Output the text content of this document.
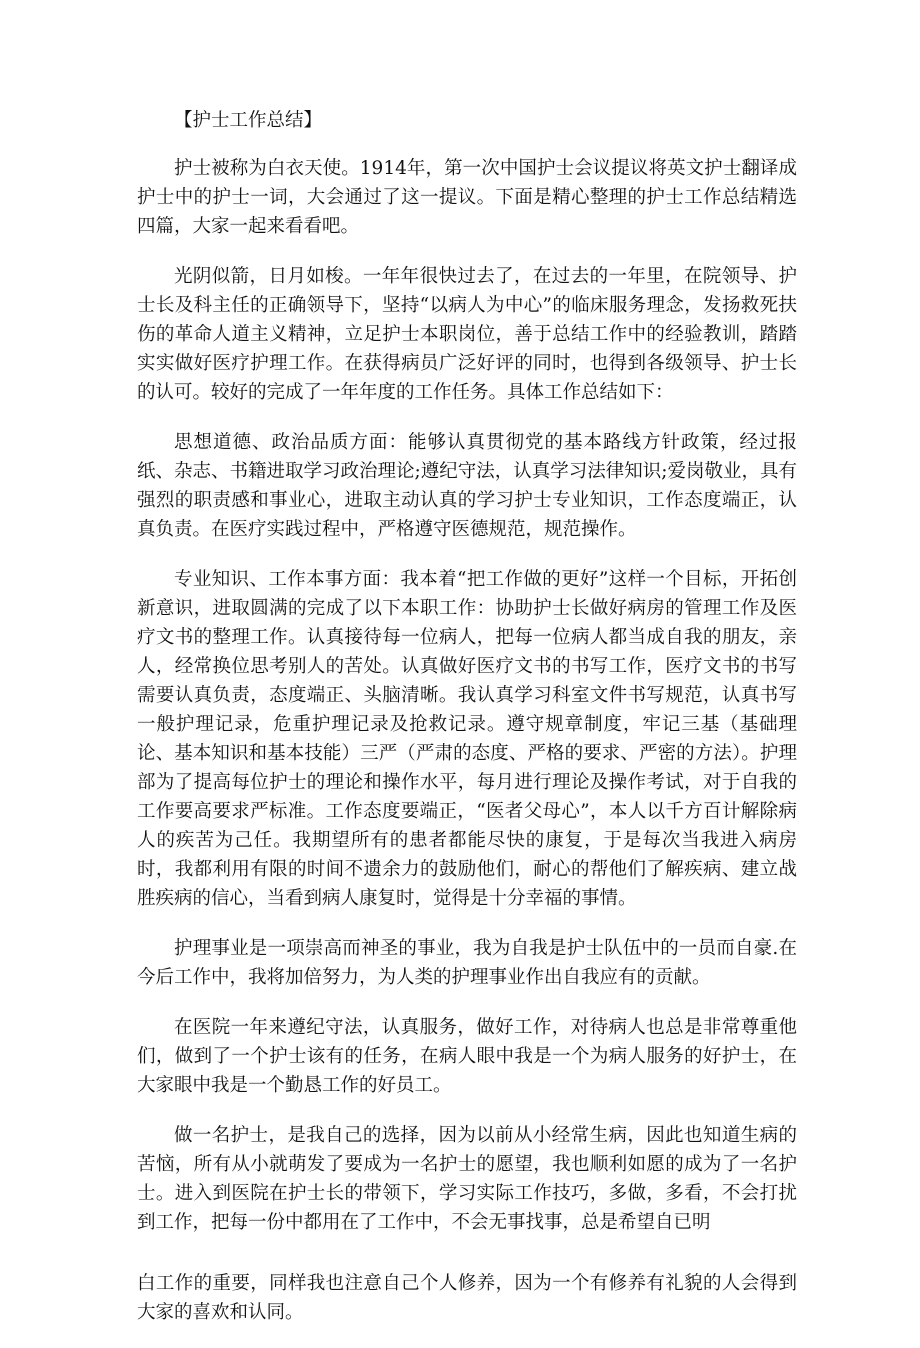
【护士工作总结】

护士被称为白衣天使。1914年，第一次中国护士会议提议将英文护士翻译成护士中的护士一词，大会通过了这一提议。下面是精心整理的护士工作总结精选四篇，大家一起来看看吧。

光阴似箭，日月如梭。一年年很快过去了，在过去的一年里，在院领导、护士长及科主任的正确领导下，坚持“以病人为中心”的临床服务理念，发扬救死扶伤的革命人道主义精神，立足护士本职岗位，善于总结工作中的经验教训，踏踏实实做好医疗护理工作。在获得病员广泛好评的同时，也得到各级领导、护士长的认可。较好的完成了一年年度的工作任务。具体工作总结如下：

思想道德、政治品质方面：能够认真贯彻党的基本路线方针政策，经过报纸、杂志、书籍进取学习政治理论;遵纪守法，认真学习法律知识;爱岗敬业，具有强烈的职责感和事业心，进取主动认真的学习护士专业知识，工作态度端正，认真负责。在医疗实践过程中，严格遵守医德规范，规范操作。

专业知识、工作本事方面：我本着“把工作做的更好”这样一个目标，开拓创新意识，进取圆满的完成了以下本职工作：协助护士长做好病房的管理工作及医疗文书的整理工作。认真接待每一位病人，把每一位病人都当成自我的朋友，亲人，经常换位思考别人的苦处。认真做好医疗文书的书写工作，医疗文书的书写需要认真负责，态度端正、头脑清晰。我认真学习科室文件书写规范，认真书写一般护理记录，危重护理记录及抢救记录。遵守规章制度，牢记三基（基础理论、基本知识和基本技能）三严（严肃的态度、严格的要求、严密的方法）。护理部为了提高每位护士的理论和操作水平，每月进行理论及操作考试，对于自我的工作要高要求严标准。工作态度要端正，“医者父母心”，本人以千方百计解除病人的疾苦为己任。我期望所有的患者都能尽快的康复，于是每次当我进入病房时，我都利用有限的时间不遗余力的鼓励他们，耐心的帮他们了解疾病、建立战胜疾病的信心，当看到病人康复时，觉得是十分幸福的事情。

护理事业是一项崇高而神圣的事业，我为自我是护士队伍中的一员而自豪.在今后工作中，我将加倍努力，为人类的护理事业作出自我应有的贡献。

在医院一年来遵纪守法，认真服务，做好工作，对待病人也总是非常尊重他们，做到了一个护士该有的任务，在病人眼中我是一个为病人服务的好护士，在大家眼中我是一个勤恳工作的好员工。

做一名护士，是我自己的选择，因为以前从小经常生病，因此也知道生病的苦恼，所有从小就萌发了要成为一名护士的愿望，我也顺利如愿的成为了一名护士。进入到医院在护士长的带领下，学习实际工作技巧，多做，多看，不会打扰到工作，把每一份中都用在了工作中，不会无事找事，总是希望自已明

白工作的重要，同样我也注意自己个人修养，因为一个有修养有礼貌的人会得到大家的喜欢和认同。
